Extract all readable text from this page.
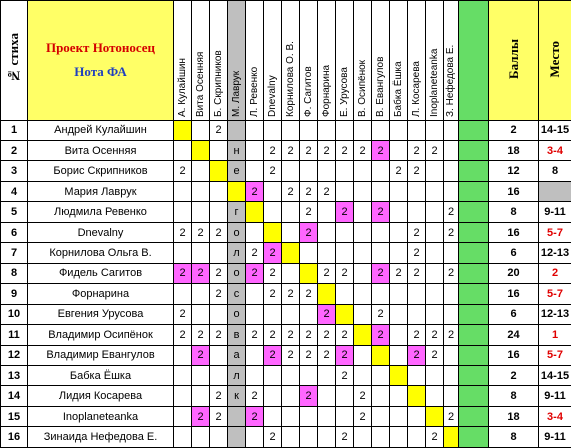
№ стиха	Проект Нотоносец
Нота ФА	А. Кулайшин	Вита Осенняя	Б. Скрипников	М. Лаврук	Л. Ревенко	Dnevalny	Корнилова О. В.	Ф. Сагитов	Форнарина	Е. Урусова	В. Осипёнок	В. Евангулов	Бабка Ёшка	Л. Косарева	Inoplaneteanka	З. Нефедова Е.		Баллы	Место	
1	Андрей Кулайшин			2															2	14-15	
2	Вита Осенняя				н		2	2	2	2	2	2	2		2	2			18	3-4	
3	Борис Скрипников	2			е		2							2	2				12	8	
4	Мария Лаврук					2		2	2	2									16		
5	Людмила Ревенко				г				2		2		2				2		8	9-11	
6	Dnevalny	2	2	2	о				2						2		2		16	5-7	
7	Корнилова Ольга В.				л	2	2								2				6	12-13	
8	Фидель Сагитов	2	2	2	о	2	2			2	2		2	2	2		2		20	2	
9	Форнарина			2	с		2	2	2										16	5-7	
10	Евгения Урусова	2			о					2			2						6	12-13	
11	Владимир Осипёнок	2	2	2	в	2	2	2	2	2	2		2		2	2	2		24	1	
12	Владимир Евангулов		2		а		2	2	2	2	2				2	2			16	5-7	
13	Бабка Ёшка				л						2								2	14-15	
14	Лидия Косарева			2	к	2			2			2							8	9-11	
15	Inoplaneteanka		2	2		2						2					2		18	3-4	
16	Зинаида Нефедова Е.						2				2					2			8	9-11	
